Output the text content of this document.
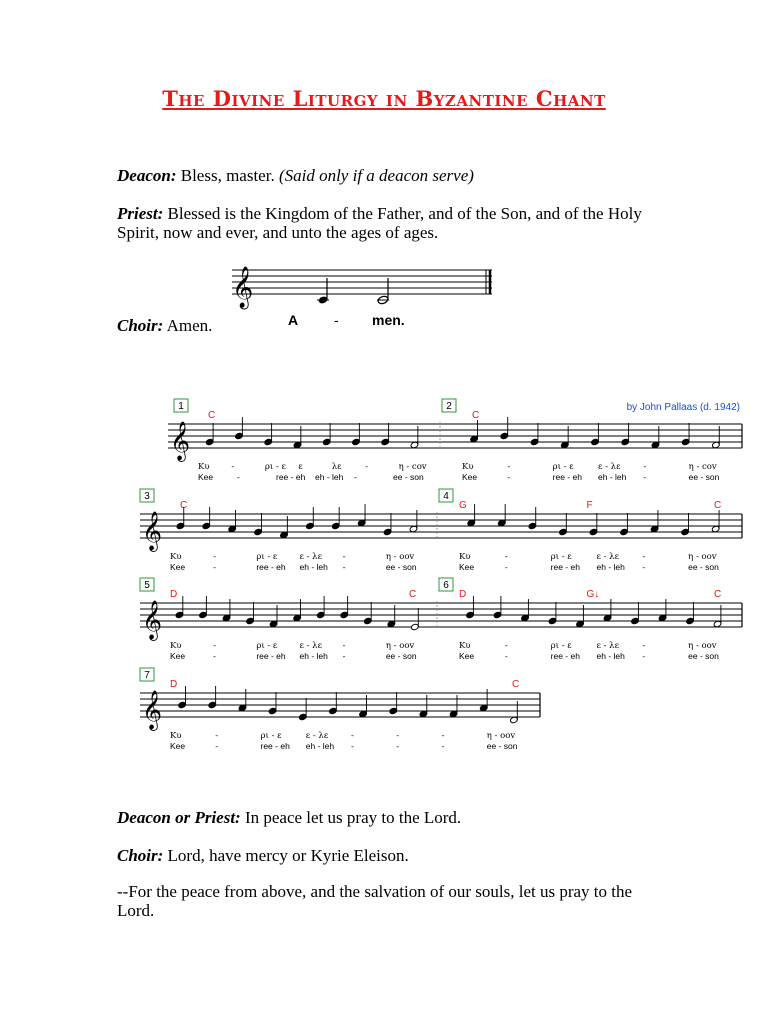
The Divine Liturgy in Byzantine Chant
Deacon: Bless, master. (Said only if a deacon serve)
Priest: Blessed is the Kingdom of the Father, and of the Son, and of the Holy Spirit, now and ever, and unto the ages of ages.
𝄞
A	- men.
Choir: Amen.
by John Pallaas (d. 1942)
𝄞
1
C
Κυ	-	ρι - ε ε	λε	-	η - cov
Kee	-	ree - eh eh - leh -	ee - son
2
C
Κυ	-	ρι - ε	ε - λε	-	η - cov
Kee	-	ree - eh eh - leh -	ee - son
𝄞
3
C
Κυ	-	ρι - ε	ε - λε -	η - oov
Kee	-	ree - eh eh - leh -	ee - son
4
G	F	C
Κυ	-	ρι - ε	ε - λε	-	η - oov
Kee	-	ree - eh eh - leh -	ee - son
𝄞
5
D	C
Κυ	-	ρι - ε	ε - λε -	η - oov
Kee	-	ree - eh eh - leh -	ee - son
6
D	G↓	C
Κυ	-	ρι - ε	ε - λε	-	η - oov
Kee	-	ree - eh eh - leh -	ee - son
𝄞
7
D	C
Κυ	-	ρι - ε	ε - λε	-	-	-	η - oov
Kee	-	ree - eh eh - leh -	-	-	ee - son
Deacon or Priest: In peace let us pray to the Lord.
Choir: Lord, have mercy or Kyrie Eleison.
--For the peace from above, and the salvation of our souls, let us pray to the Lord.
